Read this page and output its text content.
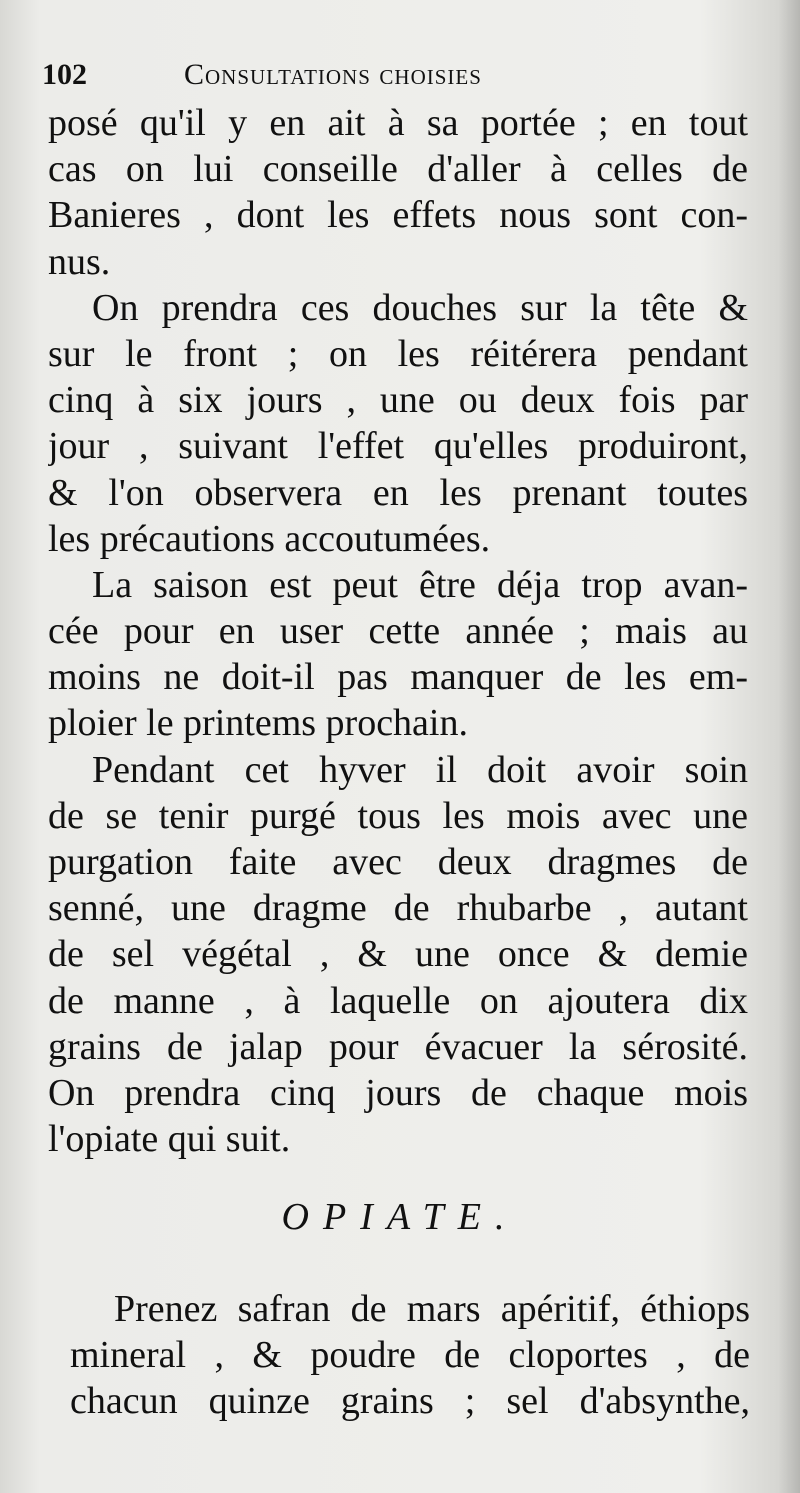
102	Consultations choisies
posé qu'il y en ait à sa portée ; en tout
cas on lui conseille d'aller à celles de
Banieres , dont les effets nous sont con-
nus.
On prendra ces douches sur la tête &
sur le front ; on les réitérera pendant
cinq à six jours , une ou deux fois par
jour , suivant l'effet qu'elles produiront,
& l'on observera en les prenant toutes
les précautions accoutumées.
La saison est peut être déja trop avan-
cée pour en user cette année ; mais au
moins ne doit-il pas manquer de les em-
ploier le printems prochain.
Pendant cet hyver il doit avoir soin
de se tenir purgé tous les mois avec une
purgation faite avec deux dragmes de
senné, une dragme de rhubarbe , autant
de sel végétal , & une once & demie
de manne , à laquelle on ajoutera dix
grains de jalap pour évacuer la sérosité.
On prendra cinq jours de chaque mois
l'opiate qui suit.
OPIATE.
Prenez safran de mars apéritif, éthiops
mineral , & poudre de cloportes , de
chacun quinze grains ; sel d'absynthe,
